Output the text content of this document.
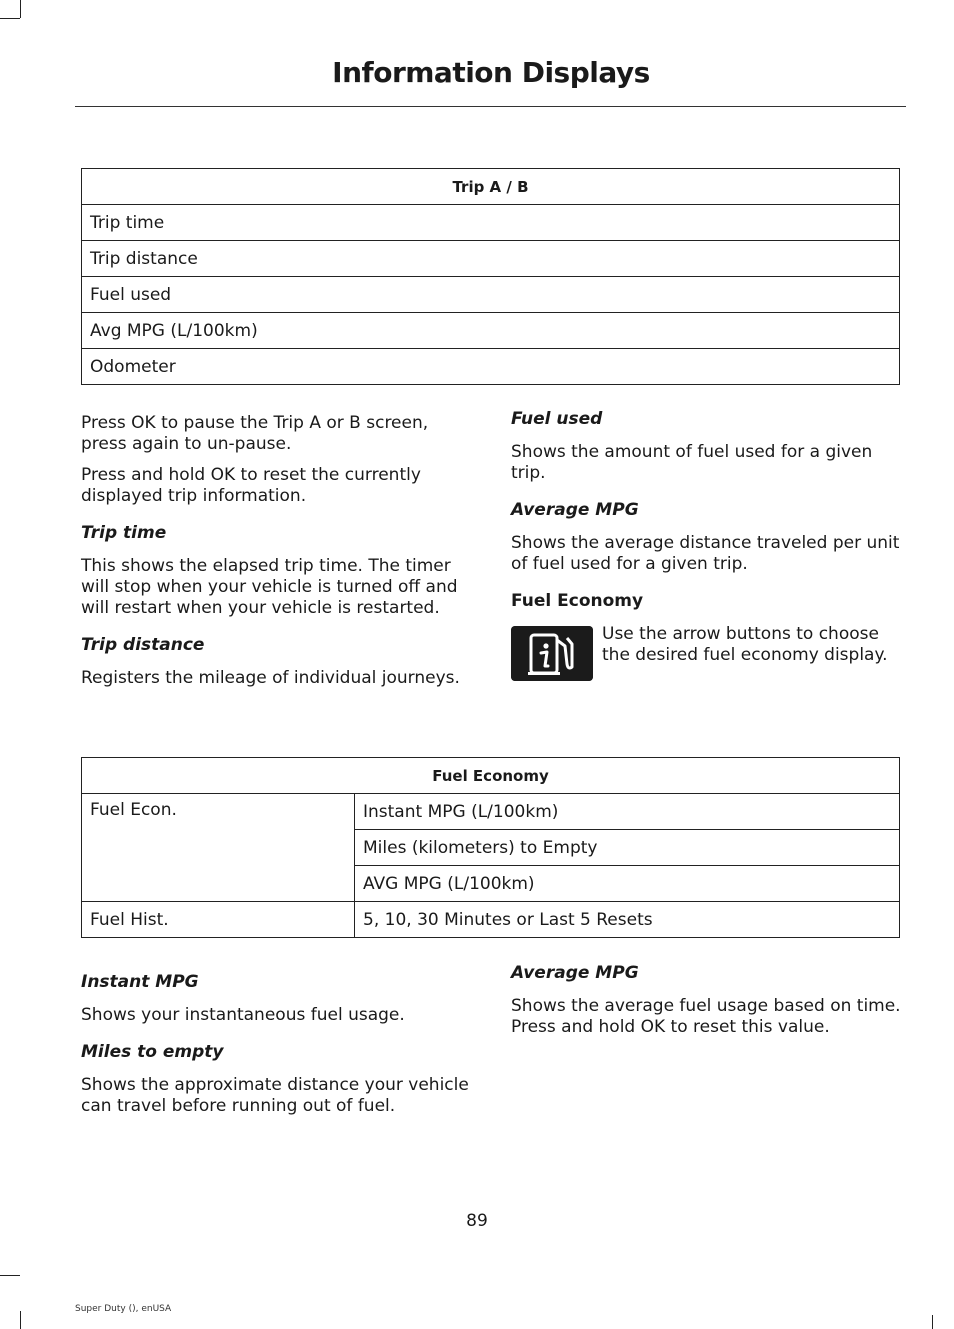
Information Displays
Trip A / B
Trip time
Trip distance
Fuel used
Avg MPG (L/100km)
Odometer

Press OK to pause the Trip A or B screen, press again to un-pause.

Press and hold OK to reset the currently displayed trip information.

Trip time

This shows the elapsed trip time. The timer will stop when your vehicle is turned off and will restart when your vehicle is restarted.

Trip distance

Registers the mileage of individual journeys.

Fuel used

Shows the amount of fuel used for a given trip.

Average MPG

Shows the average distance traveled per unit of fuel used for a given trip.

Fuel Economy

Use the arrow buttons to choose the desired fuel economy display.

Fuel Economy	
Fuel Econ.	Instant MPG (L/100km)
	Miles (kilometers) to Empty
	AVG MPG (L/100km)
Fuel Hist.	5, 10, 30 Minutes or Last 5 Resets
Instant MPG

Shows your instantaneous fuel usage.

Miles to empty

Shows the approximate distance your vehicle can travel before running out of fuel.

Average MPG

Shows the average fuel usage based on time. Press and hold OK to reset this value.

89
Super Duty (), enUSA
